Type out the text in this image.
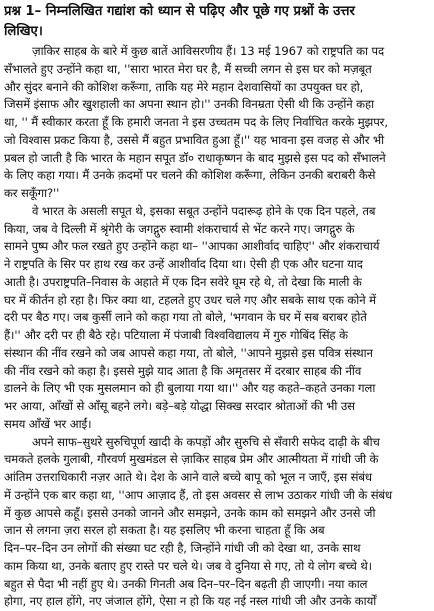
प्रश्न 1– निम्नलिखित गद्यांश को ध्यान से पढ़िए और पूछे गए प्रश्नों के उत्तर
लिखिए।
ज़ाकिर साहब के बारे में कुछ बातें आविसरणीय हैं। 13 मई 1967 को राष्ट्रपति का पद
सँभालते हुए उन्होंने कहा था, ''सारा भारत मेरा घर है, मैं सच्ची लगन से इस घर को मज़बूत
और सुंदर बनाने की कोशिश करूँगा, ताकि यह मेरे महान देशवासियों का उपयुक्त घर हो,
जिसमें इंसाफ और खुशहाली का अपना स्थान हो।'' उनकी विनम्रता ऐसी थी कि उन्होंने कहा
था, '' मैं स्वीकार करता हूँ कि हमारी जनता ने इस उच्चतम पद के लिए निर्वाचित करके मुझपर,
जो विश्वास प्रकट किया है, उससे मैं बहुत प्रभावित हुआ हूँ।'' यह भावना इस वजह से और भी
प्रबल हो जाती है कि भारत के महान सपूत डॉ० राधाकृष्णन के बाद मुझसे इस पद को सँभालने
के लिए कहा गया। मैं उनके क़दमों पर चलने की कोशिश करूँगा, लेकिन उनकी बराबरी कैसे
कर सकूँगा?''
वे भारत के असली सपूत थे, इसका सबूत उन्होंने पदारूढ़ होने के एक दिन पहले, तब
किया, जब वे दिल्ली में श्रृंगेरी के जगद्गुरु स्वामी शंकराचार्य से भेंट करने गए। जगद्गुरु के
सामने पुष्प और फल रखते हुए उन्होंने कहा था– ''आपका आशीर्वाद चाहिए'' और शंकराचार्य
ने राष्ट्रपति के सिर पर हाथ रख कर उन्हें आशीर्वाद दिया था। ऐसी ही एक और घटना याद
आती है। उपराष्ट्रपति–निवास के अहाते में एक दिन सवेरे घूम रहे थे, तो देखा कि माली के
घर में कीर्तन हो रहा है। फिर क्या था, टहलते हुए उधर चले गए और सबके साथ एक कोने में
दरी पर बैठ गए। जब कुर्सी लाने को कहा गया तो बोले, 'भगवान के घर में सब बराबर होते
हैं।'' और दरी पर ही बैठे रहे। पटियाला में पंजाबी विश्वविद्यालय में गुरु गोबिंद सिंह के
संस्थान की नींव रखने को जब आपसे कहा गया, तो बोले, ''आपने मुझसे इस पवित्र संस्थान
की नींव रखने को कहा है। इससे मुझे याद आता है कि अमृतसर में दरबार साहब की नींव
डालने के लिए भी एक मुसलमान को ही बुलाया गया था।'' और यह कहते–कहते उनका गला
भर आया, आँखों से आँसू बहने लगे। बड़े–बड़े योद्धा सिक्ख सरदार श्रोताओं की भी उस
समय आँखें भर आईं।
अपने साफ–सुथरे सुरुचिपूर्ण खादी के कपड़ों और सुरुचि से सँवारी सफेद दाढ़ी के बीच
चमकते हलके गुलाबी, गौरवर्ण मुखमंडल से ज़ाकिर साहब प्रेम और आत्मीयता में गांधी जी के
आंतिम उत्तराधिकारी नज़र आते थे। देश के आने वाले बच्चे बापू को भूल न जाएँ, इस संबंध
में उन्होंने एक बार कहा था, ''आप आज़ाद हैं, तो इस अवसर से लाभ उठाकर गांधी जी के संबंध
में कुछ आपसे कहूँ। इससे उनको जानने और समझने, उनके काम को समझने और उनसे जी
जान से लगना ज़रा सरल हो सकता है। यह इसलिए भी करना चाहता हूँ कि अब
दिन–पर–दिन उन लोगों की संख्या घट रही है, जिन्होंने गांधी जी को देखा था, उनके साथ
काम किया था, उनके बताए हुए रास्ते पर चले थे। जब वे दुनिया से गए, तो ये लोग बच्चे थे।
बहुत से पैदा भी नहीं हुए थे। उनकी गिनती अब दिन–पर–दिन बढ़ती ही जाएगी। नया काल
होगा, नए हाल होंगे, नए जंजाल होंगे, ऐसा न हो कि यह नई नस्ल गांधी जी और उनके कार्यों
